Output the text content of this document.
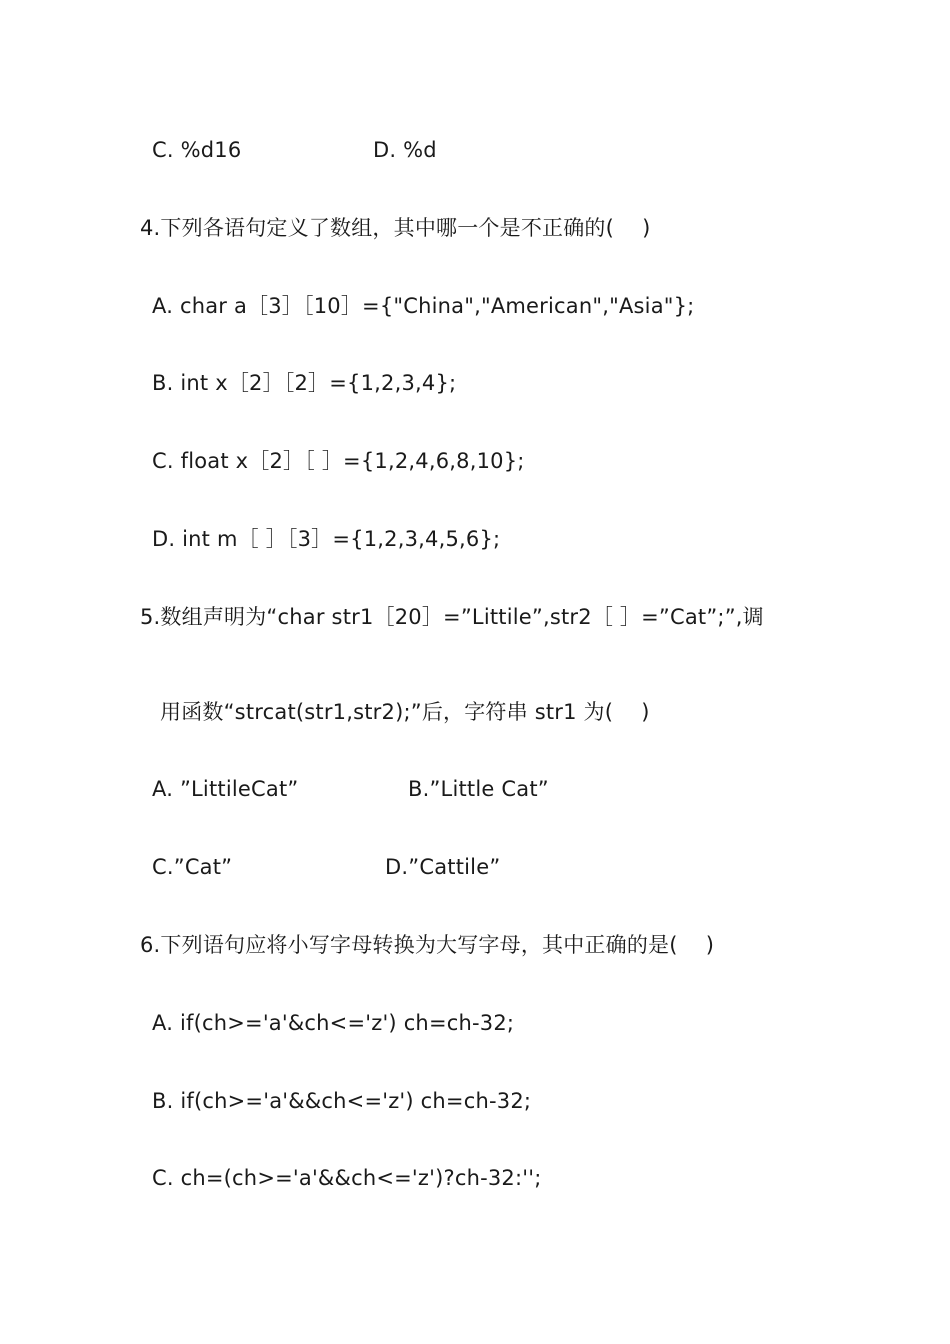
C. %d16	D. %d
4.下列各语句定义了数组，其中哪一个是不正确的(　 )
A. char a［3］［10］={"China","American","Asia"};
B. int x［2］［2］={1,2,3,4};
C. float x［2］［ ］={1,2,4,6,8,10};
D. int m［ ］［3］={1,2,3,4,5,6};
5.数组声明为“char str1［20］=”Littile”,str2［ ］=”Cat”;”,调
用函数“strcat(str1,str2);”后，字符串 str1 为(　 )
A. ”LittileCat”	B.”Little Cat”
C.”Cat”	D.”Cattile”
6.下列语句应将小写字母转换为大写字母，其中正确的是(　 )
A. if(ch>='a'&ch<='z') ch=ch-32;
B. if(ch>='a'&&ch<='z') ch=ch-32;
C. ch=(ch>='a'&&ch<='z')?ch-32:'';
